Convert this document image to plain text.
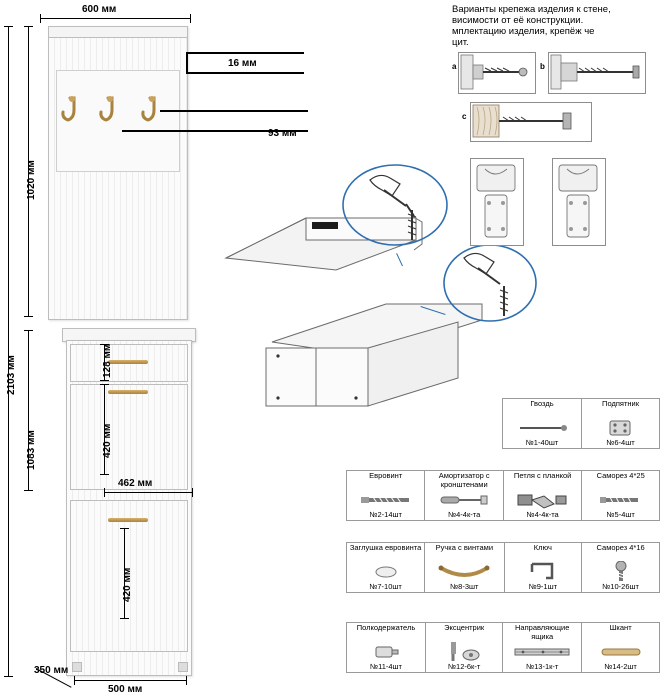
600 мм
2103 мм
1020 мм
1083 мм
16 мм
93 мм
128 мм
420 мм
420 мм
462 мм
350 мм
500 мм
Варианты крепежа изделия к стене,
висимости от её конструкции.
мплектацию изделия, крепёж че
цит.
a	b
c
Гвоздь
№1-40шт

Подпятник
№6-4шт
Евровинт
№2-14шт

Амортизатор с кронштенами
№4-4к-та

Петля с планкой
№4-4к-та

Саморез 4*25
№5-4шт
Заглушка евровинта
№7-10шт

Ручка с винтами
№8-3шт

Ключ
№9-1шт

Саморез 4*16
№10-26шт
Полкодержатель
№11-4шт

Эксцентрик
№12-6к-т

Направляющие ящика
№13-1к-т

Шкант
№14-2шт
